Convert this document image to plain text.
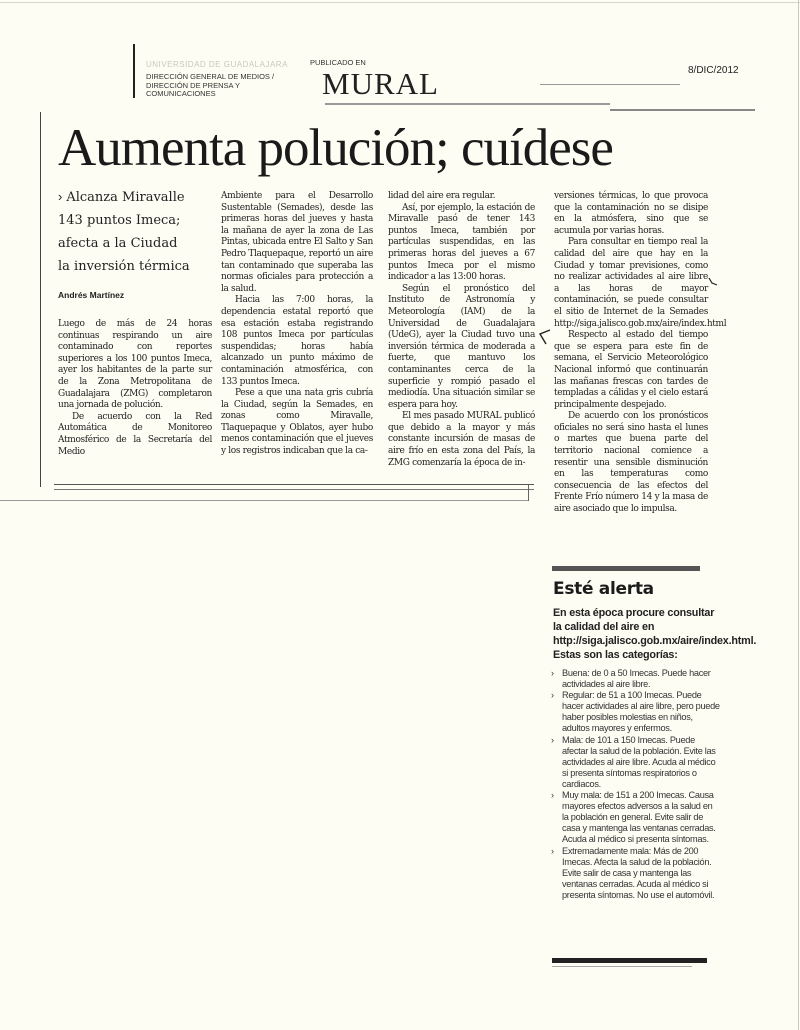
UNIVERSIDAD DE GUADALAJARA
DIRECCIÓN GENERAL DE MEDIOS /
DIRECCIÓN DE PRENSA Y
COMUNICACIONES
PUBLICADO EN
MURAL	8/DIC/2012
Aumenta polución; cuídese
› Alcanza Miravalle
143 puntos Imeca;
afecta a la Ciudad
la inversión térmica
Andrés Martínez

Luego de más de 24 horas continuas respirando un aire contaminado con reportes superiores a los 100 puntos Imeca, ayer los habitantes de la parte sur de la Zona Metropolitana de Guadalajara (ZMG) completaron una jornada de polución.

De acuerdo con la Red Automática de Monitoreo Atmosférico de la Secretaría del Medio

Ambiente para el Desarrollo Sustentable (Semades), desde las primeras horas del jueves y hasta la mañana de ayer la zona de Las Pintas, ubicada entre El Salto y San Pedro Tlaquepaque, reportó un aire tan contaminado que superaba las normas oficiales para protección a la salud.

Hacia las 7:00 horas, la dependencia estatal reportó que esa estación estaba registrando 108 puntos Imeca por partículas suspendidas; horas había alcanzado un punto máximo de contaminación atmosférica, con 133 puntos Imeca.

Pese a que una nata gris cubría la Ciudad, según la Semades, en zonas como Miravalle, Tlaquepaque y Oblatos, ayer hubo menos contaminación que el jueves y los registros indicaban que la ca-

lidad del aire era regular.

Así, por ejemplo, la estación de Miravalle pasó de tener 143 puntos Imeca, también por partículas suspendidas, en las primeras horas del jueves a 67 puntos Imeca por el mismo indicador a las 13:00 horas.

Según el pronóstico del Instituto de Astronomía y Meteorología (IAM) de la Universidad de Guadalajara (UdeG), ayer la Ciudad tuvo una inversión térmica de moderada a fuerte, que mantuvo los contaminantes cerca de la superficie y rompió pasado el mediodía. Una situación similar se espera para hoy.

El mes pasado MURAL publicó que debido a la mayor y más constante incursión de masas de aire frío en esta zona del País, la ZMG comenzaría la época de in-

versiones térmicas, lo que provoca que la contaminación no se disipe en la atmósfera, sino que se acumula por varias horas.

Para consultar en tiempo real la calidad del aire que hay en la Ciudad y tomar previsiones, como no realizar actividades al aire libre a las horas de mayor contaminación, se puede consultar el sitio de Internet de la Semades http://siga.jalisco.gob.mx/aire/index.html

Respecto al estado del tiempo que se espera para este fin de semana, el Servicio Meteorológico Nacional informó que continuarán las mañanas frescas con tardes de templadas a cálidas y el cielo estará principalmente despejado.

De acuerdo con los pronósticos oficiales no será sino hasta el lunes o martes que buena parte del territorio nacional comience a resentir una sensible disminución en las temperaturas como consecuencia de las efectos del Frente Frío número 14 y la masa de aire asociado que lo impulsa.

Esté alerta
En esta época procure consultar la calidad del aire en http://siga.jalisco.gob.mx/aire/index.html. Estas son las categorías:
› Buena: de 0 a 50 Imecas. Puede hacer actividades al aire libre.
› Regular: de 51 a 100 Imecas. Puede hacer actividades al aire libre, pero puede haber posibles molestias en niños, adultos mayores y enfermos.
› Mala: de 101 a 150 Imecas. Puede afectar la salud de la población. Evite las actividades al aire libre. Acuda al médico si presenta síntomas respiratorios o cardiacos.
› Muy mala: de 151 a 200 Imecas. Causa mayores efectos adversos a la salud en la población en general. Evite salir de casa y mantenga las ventanas cerradas. Acuda al médico si presenta síntomas.
› Extremadamente mala: Más de 200 Imecas. Afecta la salud de la población. Evite salir de casa y mantenga las ventanas cerradas. Acuda al médico si presenta síntomas. No use el automóvil.
